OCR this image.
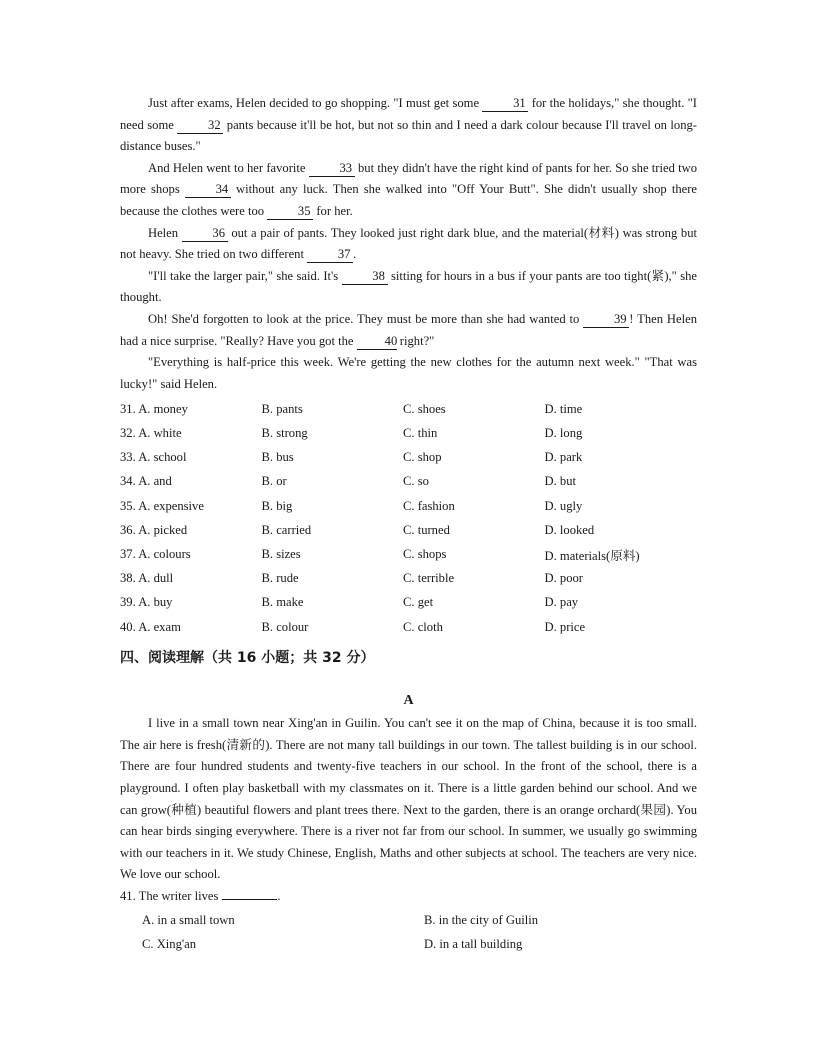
Just after exams, Helen decided to go shopping. "I must get some 31 for the holidays," she thought. "I need some 32 pants because it'll be hot, but not so thin and I need a dark colour because I'll travel on long-distance buses."

And Helen went to her favorite 33 but they didn't have the right kind of pants for her. So she tried two more shops 34 without any luck. Then she walked into "Off Your Butt". She didn't usually shop there because the clothes were too 35 for her.

Helen 36 out a pair of pants. They looked just right dark blue, and the material(材料) was strong but not heavy. She tried on two different 37 .

"I'll take the larger pair," she said. It's 38 sitting for hours in a bus if your pants are too tight(紧)," she thought.

Oh! She'd forgotten to look at the price. They must be more than she had wanted to 39 ! Then Helen had a nice surprise. "Really? Have you got the 40 right?"

"Everything is half-price this week. We're getting the new clothes for the autumn next week." "That was lucky!" said Helen.

31. A. money	B. pants	C. shoes	D. time
32. A. white	B. strong	C. thin	D. long
33. A. school	B. bus	C. shop	D. park
34. A. and	B. or	C. so	D. but
35. A. expensive	B. big	C. fashion	D. ugly
36. A. picked	B. carried	C. turned	D. looked
37. A. colours	B. sizes	C. shops	D. materials(原料)
38. A. dull	B. rude	C. terrible	D. poor
39. A. buy	B. make	C. get	D. pay
40. A. exam	B. colour	C. cloth	D. price
四、阅读理解（共 16 小题；共 32 分）
A

I live in a small town near Xing'an in Guilin. You can't see it on the map of China, because it is too small. The air here is fresh(清新的). There are not many tall buildings in our town. The tallest building is in our school. There are four hundred students and twenty-five teachers in our school. In the front of the school, there is a playground. I often play basketball with my classmates on it. There is a little garden behind our school. And we can grow(种植) beautiful flowers and plant trees there. Next to the garden, there is an orange orchard(果园). You can hear birds singing everywhere. There is a river not far from our school. In summer, we usually go swimming with our teachers in it. We study Chinese, English, Maths and other subjects at school. The teachers are very nice. We love our school.

41. The writer lives	.
A. in a small town	B. in the city of Guilin
C. Xing'an	D. in a tall building
